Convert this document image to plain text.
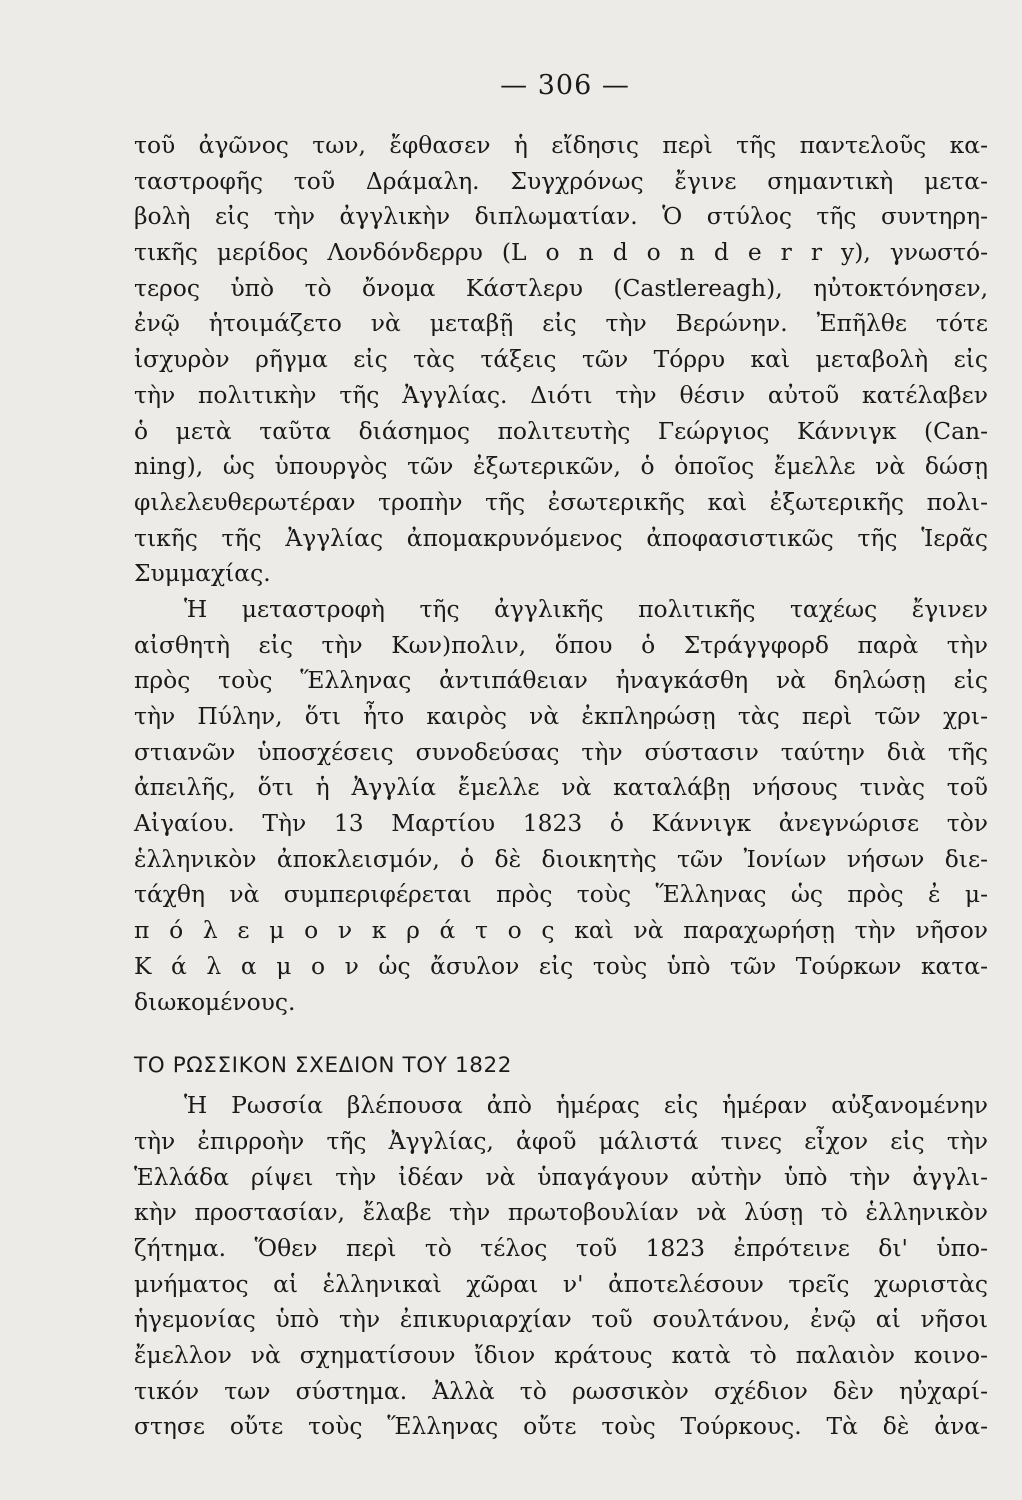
— 306 —
τοῦ ἀγῶνος των, ἔφθασεν ἡ εἴδησις περὶ τῆς παντελοῦς κα-
ταστροφῆς τοῦ Δράμαλη. Συγχρόνως ἔγινε σημαντικὴ μετα-
βολὴ εἰς τὴν ἀγγλικὴν διπλωματίαν. Ὁ στύλος τῆς συντηρη-
τικῆς μερίδος Λονδόνδερρυ (L o n d o n d e r r y), γνωστό-
τερος ὑπὸ τὸ ὄνομα Κάστλερυ (Castlereagh), ηὐτοκτόνησεν,
ἐνῷ ἡτοιμάζετο νὰ μεταβῇ εἰς τὴν Βερώνην. Ἐπῆλθε τότε
ἰσχυρὸν ρῆγμα εἰς τὰς τάξεις τῶν Τόρρυ καὶ μεταβολὴ εἰς
τὴν πολιτικὴν τῆς Ἀγγλίας. Διότι τὴν θέσιν αὐτοῦ κατέλαβεν
ὁ μετὰ ταῦτα διάσημος πολιτευτὴς Γεώργιος Κάννιγκ (Can-
ning), ὡς ὑπουργὸς τῶν ἐξωτερικῶν, ὁ ὁποῖος ἔμελλε νὰ δώσῃ
φιλελευθερωτέραν τροπὴν τῆς ἐσωτερικῆς καὶ ἐξωτερικῆς πολι-
τικῆς τῆς Ἀγγλίας ἀπομακρυνόμενος ἀποφασιστικῶς τῆς Ἱερᾶς
Συμμαχίας.
Ἡ μεταστροφὴ τῆς ἀγγλικῆς πολιτικῆς ταχέως ἔγινεν
αἰσθητὴ εἰς τὴν Κων)πολιν, ὅπου ὁ Στράγγφορδ παρὰ τὴν
πρὸς τοὺς Ἕλληνας ἀντιπάθειαν ἠναγκάσθη νὰ δηλώσῃ εἰς
τὴν Πύλην, ὅτι ἦτο καιρὸς νὰ ἐκπληρώσῃ τὰς περὶ τῶν χρι-
στιανῶν ὑποσχέσεις συνοδεύσας τὴν σύστασιν ταύτην διὰ τῆς
ἀπειλῆς, ὅτι ἡ Ἀγγλία ἔμελλε νὰ καταλάβῃ νήσους τινὰς τοῦ
Αἰγαίου. Τὴν 13 Μαρτίου 1823 ὁ Κάννιγκ ἀνεγνώρισε τὸν
ἑλληνικὸν ἀποκλεισμόν, ὁ δὲ διοικητὴς τῶν Ἰονίων νήσων διε-
τάχθη νὰ συμπεριφέρεται πρὸς τοὺς Ἕλληνας ὡς πρὸς ἐ μ-
π ό λ ε μ ο ν κ ρ ά τ ο ς καὶ νὰ παραχωρήσῃ τὴν νῆσον
Κ ά λ α μ ο ν ὡς ἄσυλον εἰς τοὺς ὑπὸ τῶν Τούρκων κατα-
διωκομένους.
ΤΟ ΡΩΣΣΙΚΟΝ ΣΧΕΔΙΟΝ ΤΟΥ 1822
Ἡ Ρωσσία βλέπουσα ἀπὸ ἡμέρας εἰς ἡμέραν αὐξανομένην
τὴν ἐπιρροὴν τῆς Ἀγγλίας, ἀφοῦ μάλιστά τινες εἶχον εἰς τὴν
Ἑλλάδα ρίψει τὴν ἰδέαν νὰ ὑπαγάγουν αὐτὴν ὑπὸ τὴν ἀγγλι-
κὴν προστασίαν, ἔλαβε τὴν πρωτοβουλίαν νὰ λύσῃ τὸ ἑλληνικὸν
ζήτημα. Ὅθεν περὶ τὸ τέλος τοῦ 1823 ἐπρότεινε δι' ὑπο-
μνήματος αἱ ἑλληνικαὶ χῶραι ν' ἀποτελέσουν τρεῖς χωριστὰς
ἡγεμονίας ὑπὸ τὴν ἐπικυριαρχίαν τοῦ σουλτάνου, ἐνῷ αἱ νῆσοι
ἔμελλον νὰ σχηματίσουν ἴδιον κράτους κατὰ τὸ παλαιὸν κοινο-
τικόν των σύστημα. Ἀλλὰ τὸ ρωσσικὸν σχέδιον δὲν ηὐχαρί-
στησε οὔτε τοὺς Ἕλληνας οὔτε τοὺς Τούρκους. Τὰ δὲ ἀνα-
